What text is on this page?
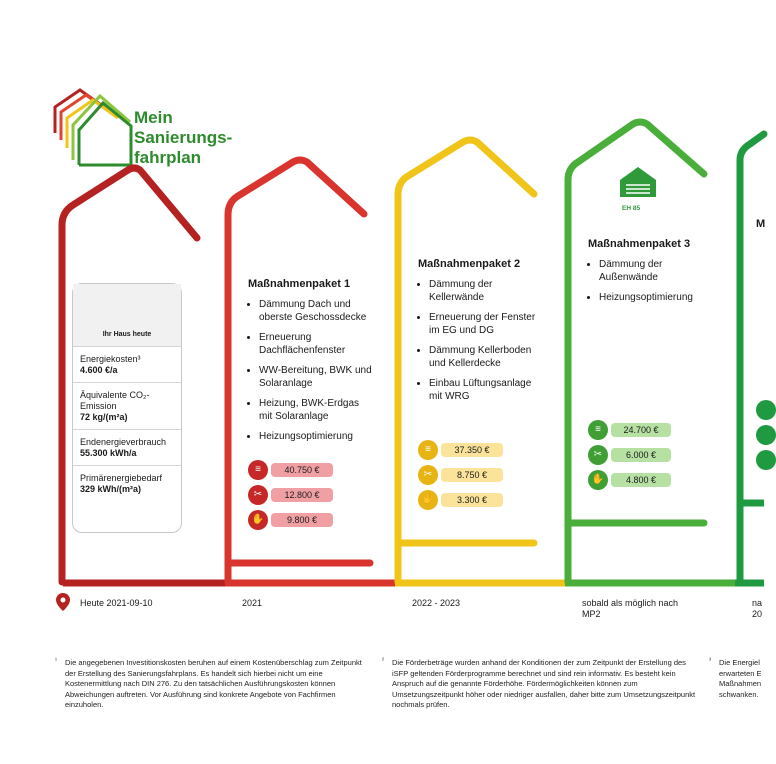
Mein
Sanierungs-
fahrplan
Ihr Haus heute
Energiekosten³
4.600 €/a
Äquivalente CO₂-Emission
72 kg/(m²a)
Endenergieverbrauch
55.300 kWh/a
Primärenergiebedarf
329 kWh/(m²a)
Maßnahmenpaket 1
• Dämmung Dach und oberste Geschossdecke
• Erneuerung Dachflächenfenster
• WW-Bereitung, BWK und Solaranlage
• Heizung, BWK-Erdgas mit Solaranlage
• Heizungsoptimierung
Maßnahmenpaket 2
• Dämmung der Kellerwände
• Erneuerung der Fenster im EG und DG
• Dämmung Kellerboden und Kellerdecke
• Einbau Lüftungsanlage mit WRG
EH 85
Maßnahmenpaket 3
• Dämmung der Außenwände
• Heizungsoptimierung
M
≡	40.750 €
✂	12.800 €
✋	9.800 €
≡	37.350 €
✂	8.750 €
✋	3.300 €
≡	24.700 €
✂	6.000 €
✋	4.800 €
Heute 2021-09-10	2021	2022 - 2023	sobald als möglich nach MP2
na
20
¹ Die angegebenen Investitionskosten beruhen auf einem Kostenüberschlag zum Zeitpunkt der Erstellung des Sanierungsfahrplans. Es handelt sich hierbei nicht um eine Kostenermittlung nach DIN 276. Zu den tatsächlichen Ausführungskosten können Abweichungen auftreten. Vor Ausführung sind konkrete Angebote von Fachfirmen einzuholen.
² Die Förderbeträge wurden anhand der Konditionen der zum Zeitpunkt der Erstellung des iSFP geltenden Förderprogramme berechnet und sind rein informativ. Es besteht kein Anspruch auf die genannte Förderhöhe. Fördermöglichkeiten können zum Umsetzungszeitpunkt höher oder niedriger ausfallen, daher bitte zum Umsetzungszeitpunkt nochmals prüfen.
³ Die Energiel erwarteten E Maßnahmen schwanken.
